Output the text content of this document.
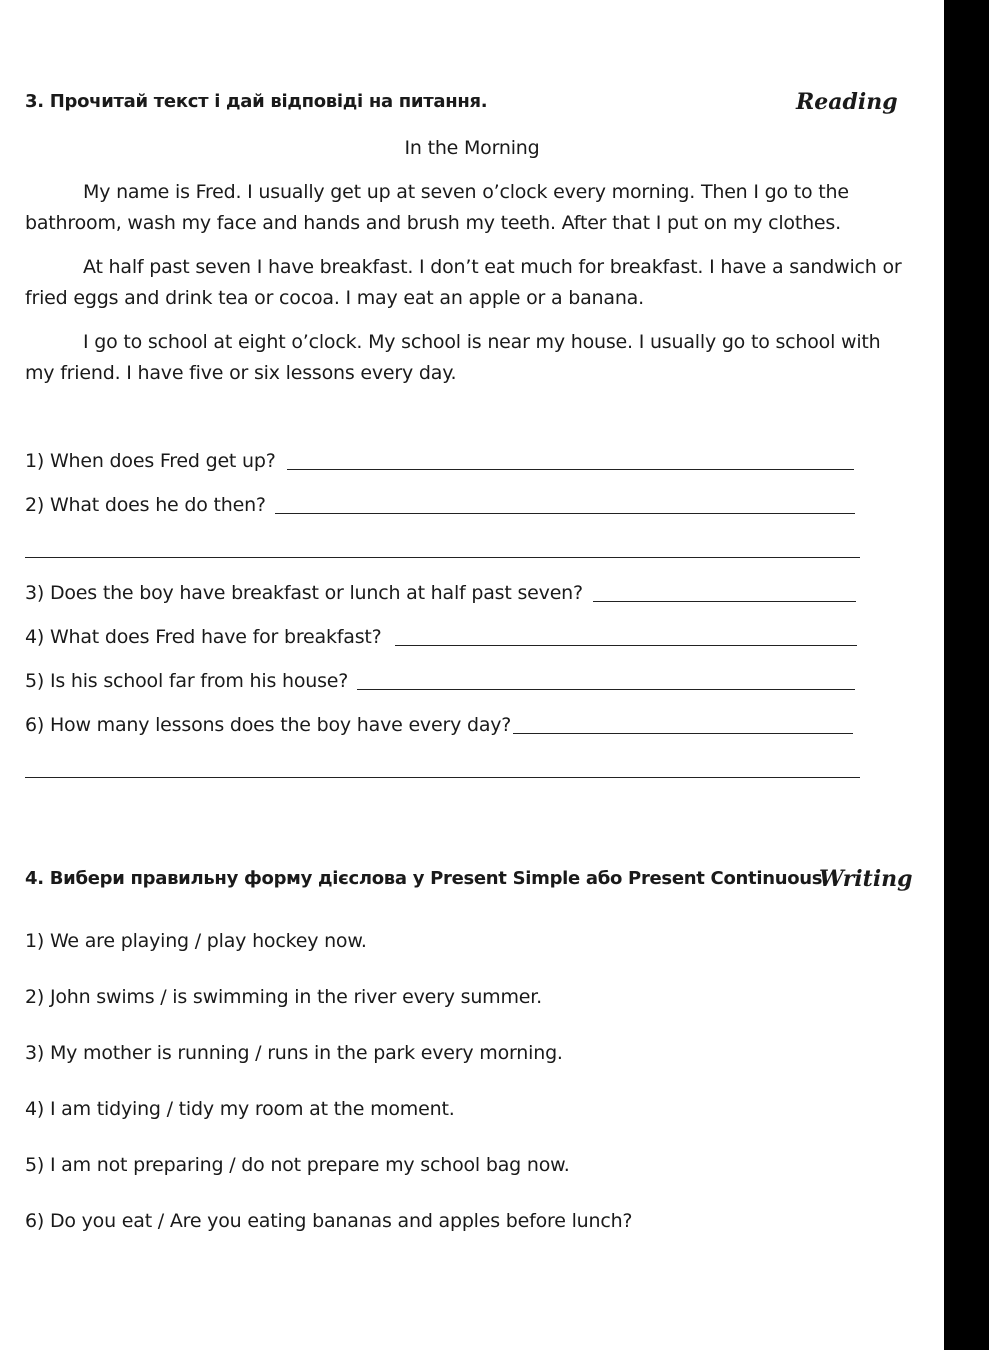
3. Прочитай текст і дай відповіді на питання.	Reading
In the Morning
My name is Fred. I usually get up at seven o’clock every morning. Then I go to the
bathroom, wash my face and hands and brush my teeth. After that I put on my clothes.
At half past seven I have breakfast. I don’t eat much for breakfast. I have a sandwich or
fried eggs and drink tea or cocoa. I may eat an apple or a banana.
I go to school at eight o’clock. My school is near my house. I usually go to school with
my friend. I have five or six lessons every day.
1) When does Fred get up?
2) What does he do then?
3) Does the boy have breakfast or lunch at half past seven?
4) What does Fred have for breakfast?
5) Is his school far from his house?
6) How many lessons does the boy have every day?
4. Вибери правильну форму дієслова у Present Simple або Present Continuous.
Writing
1) We are playing / play hockey now.
2) John swims / is swimming in the river every summer.
3) My mother is running / runs in the park every morning.
4) I am tidying / tidy my room at the moment.
5) I am not preparing / do not prepare my school bag now.
6) Do you eat / Are you eating bananas and apples before lunch?
